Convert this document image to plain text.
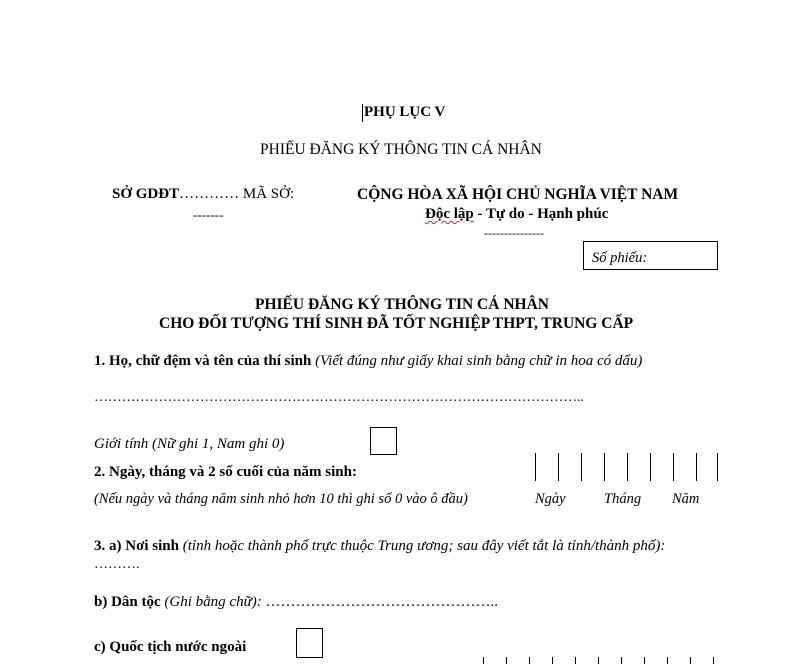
PHỤ LỤC V
PHIẾU ĐĂNG KÝ THÔNG TIN CÁ NHÂN
SỞ GDĐT………… MÃ SỞ:
-------
CỘNG HÒA XÃ HỘI CHỦ NGHĨA VIỆT NAM
Độc lập - Tự do - Hạnh phúc
---------------
Số phiếu:
PHIẾU ĐĂNG KÝ THÔNG TIN CÁ NHÂN
CHO ĐỐI TƯỢNG THÍ SINH ĐÃ TỐT NGHIỆP THPT, TRUNG CẤP
1. Họ, chữ đệm và tên của thí sinh (Viết đúng như giấy khai sinh bằng chữ in hoa có dấu)
……………………………………………………………………………………………..
Giới tính (Nữ ghi 1, Nam ghi 0)
2. Ngày, tháng và 2 số cuối của năm sinh:
(Nếu ngày và tháng năm sinh nhỏ hơn 10 thì ghi số 0 vào ô đầu)	Ngày	Tháng Năm
3. a) Nơi sinh (tỉnh hoặc thành phố trực thuộc Trung ương; sau đây viết tắt là tỉnh/thành phố):
……….
b) Dân tộc (Ghi bằng chữ): ………………………………………..
c) Quốc tịch nước ngoài
